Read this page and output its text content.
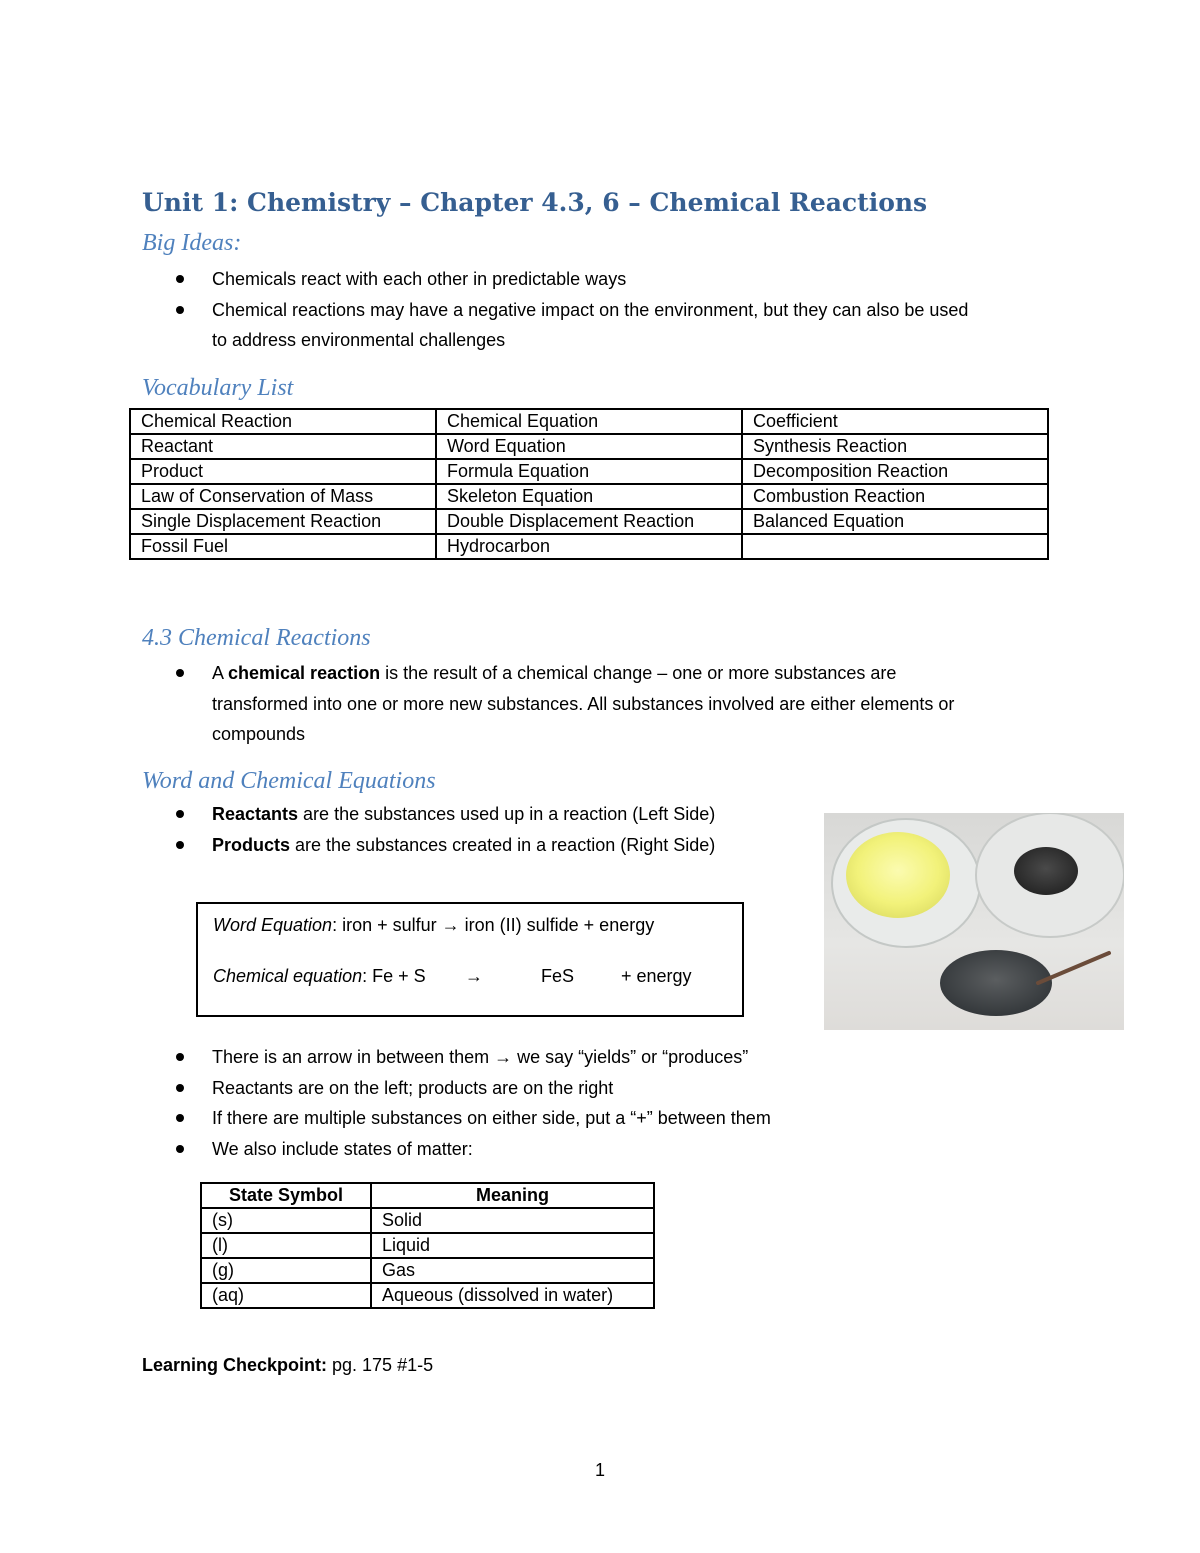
Unit 1: Chemistry – Chapter 4.3, 6 – Chemical Reactions
Big Ideas:
Chemicals react with each other in predictable ways
Chemical reactions may have a negative impact on the environment, but they can also be used
to address environmental challenges
Vocabulary List
Chemical Reaction	Chemical Equation	Coefficient
Reactant	Word Equation	Synthesis Reaction
Product	Formula Equation	Decomposition Reaction
Law of Conservation of Mass	Skeleton Equation	Combustion Reaction
Single Displacement Reaction	Double Displacement Reaction	Balanced Equation
Fossil Fuel	Hydrocarbon	
4.3 Chemical Reactions
A chemical reaction is the result of a chemical change – one or more substances are
transformed into one or more new substances. All substances involved are either elements or
compounds
Word and Chemical Equations
Reactants are the substances used up in a reaction (Left Side)
Products are the substances created in a reaction (Right Side)
Word Equation: iron + sulfur → iron (II) sulfide + energy
Chemical equation: Fe + S →	FeS	+ energy
There is an arrow in between them → we say “yields” or “produces”
Reactants are on the left; products are on the right
If there are multiple substances on either side, put a “+” between them
We also include states of matter:
State Symbol	Meaning
(s)	Solid
(l)	Liquid
(g)	Gas
(aq)	Aqueous (dissolved in water)
Learning Checkpoint: pg. 175 #1-5
1
